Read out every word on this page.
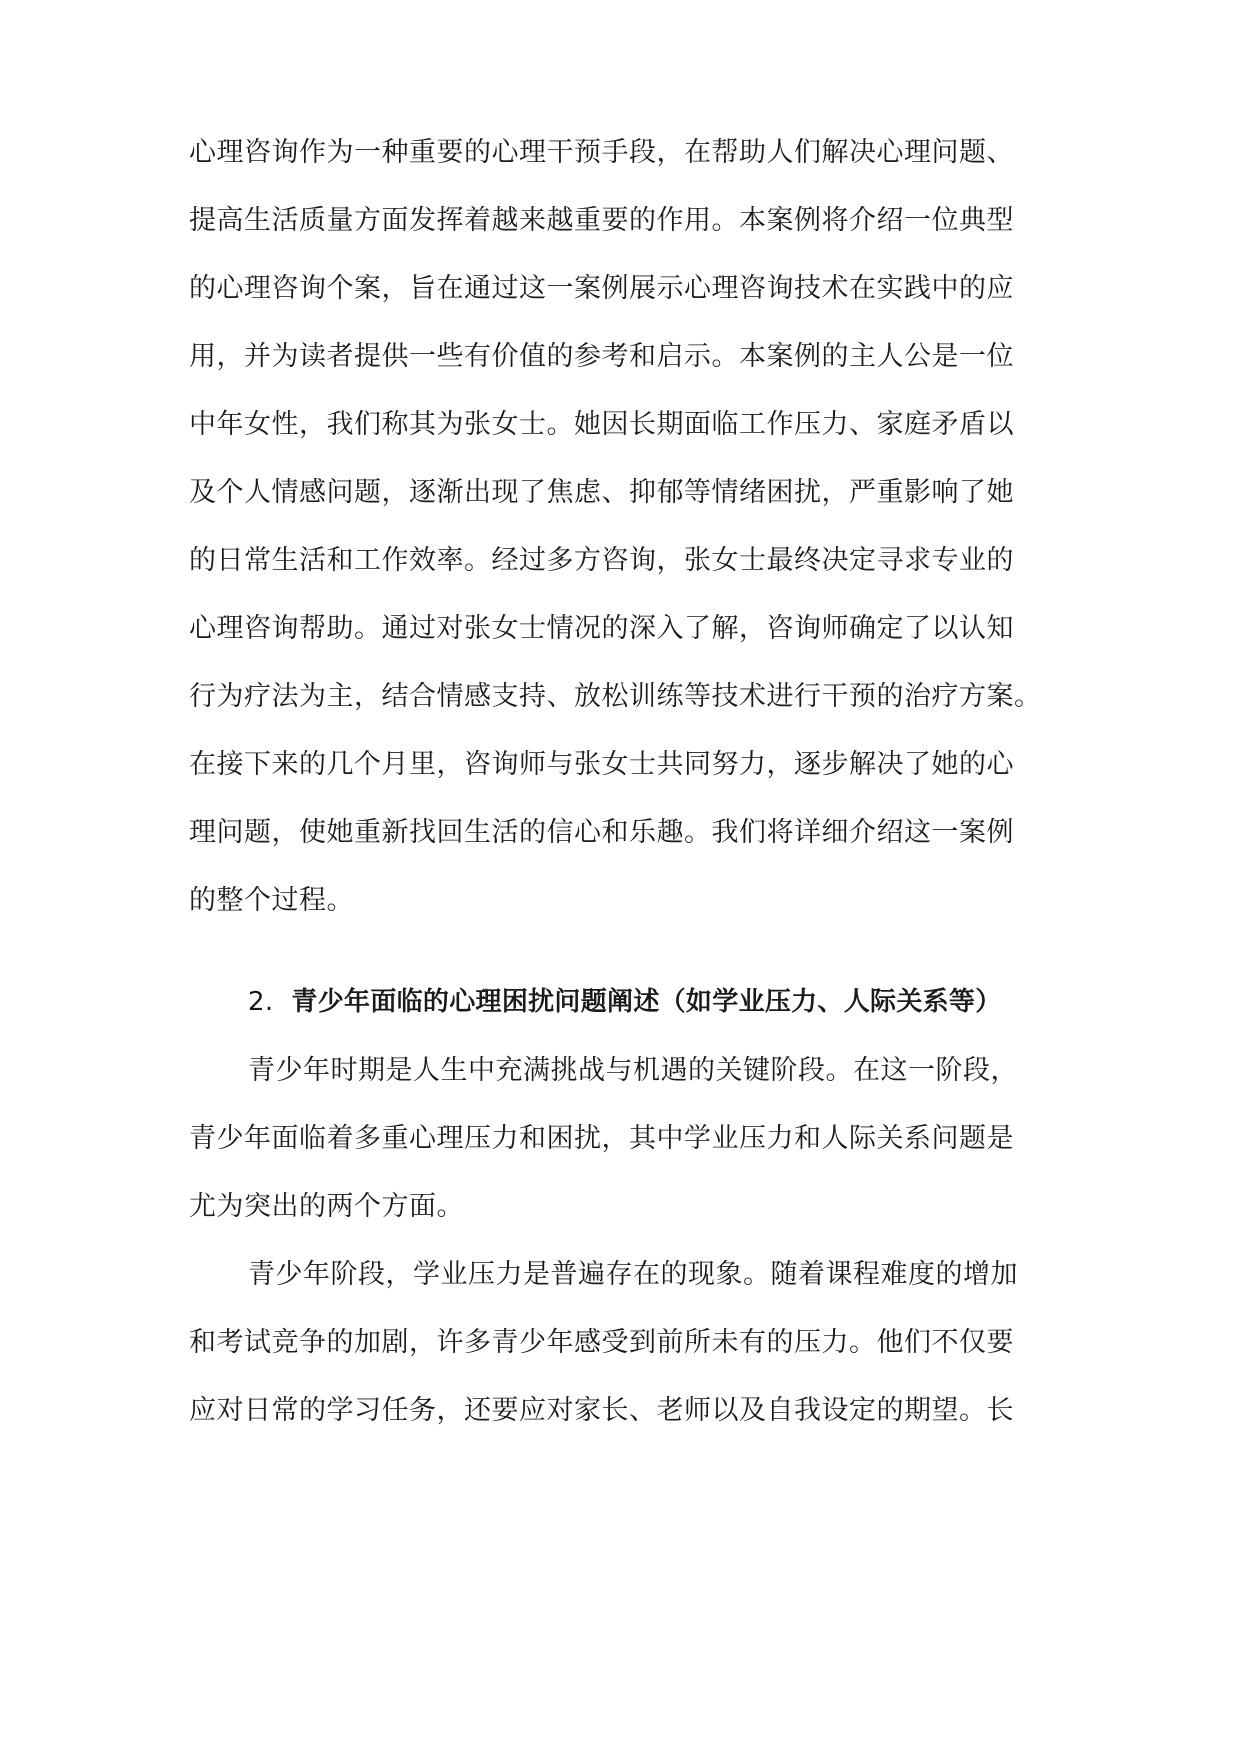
心理咨询作为一种重要的心理干预手段，在帮助人们解决心理问题、
提高生活质量方面发挥着越来越重要的作用。本案例将介绍一位典型
的心理咨询个案，旨在通过这一案例展示心理咨询技术在实践中的应
用，并为读者提供一些有价值的参考和启示。本案例的主人公是一位
中年女性，我们称其为张女士。她因长期面临工作压力、家庭矛盾以
及个人情感问题，逐渐出现了焦虑、抑郁等情绪困扰，严重影响了她
的日常生活和工作效率。经过多方咨询，张女士最终决定寻求专业的
心理咨询帮助。通过对张女士情况的深入了解，咨询师确定了以认知
行为疗法为主，结合情感支持、放松训练等技术进行干预的治疗方案。
在接下来的几个月里，咨询师与张女士共同努力，逐步解决了她的心
理问题，使她重新找回生活的信心和乐趣。我们将详细介绍这一案例
的整个过程。
2. 青少年面临的心理困扰问题阐述（如学业压力、人际关系等）
青少年时期是人生中充满挑战与机遇的关键阶段。在这一阶段，
青少年面临着多重心理压力和困扰，其中学业压力和人际关系问题是
尤为突出的两个方面。
青少年阶段，学业压力是普遍存在的现象。随着课程难度的增加
和考试竞争的加剧，许多青少年感受到前所未有的压力。他们不仅要
应对日常的学习任务，还要应对家长、老师以及自我设定的期望。长
